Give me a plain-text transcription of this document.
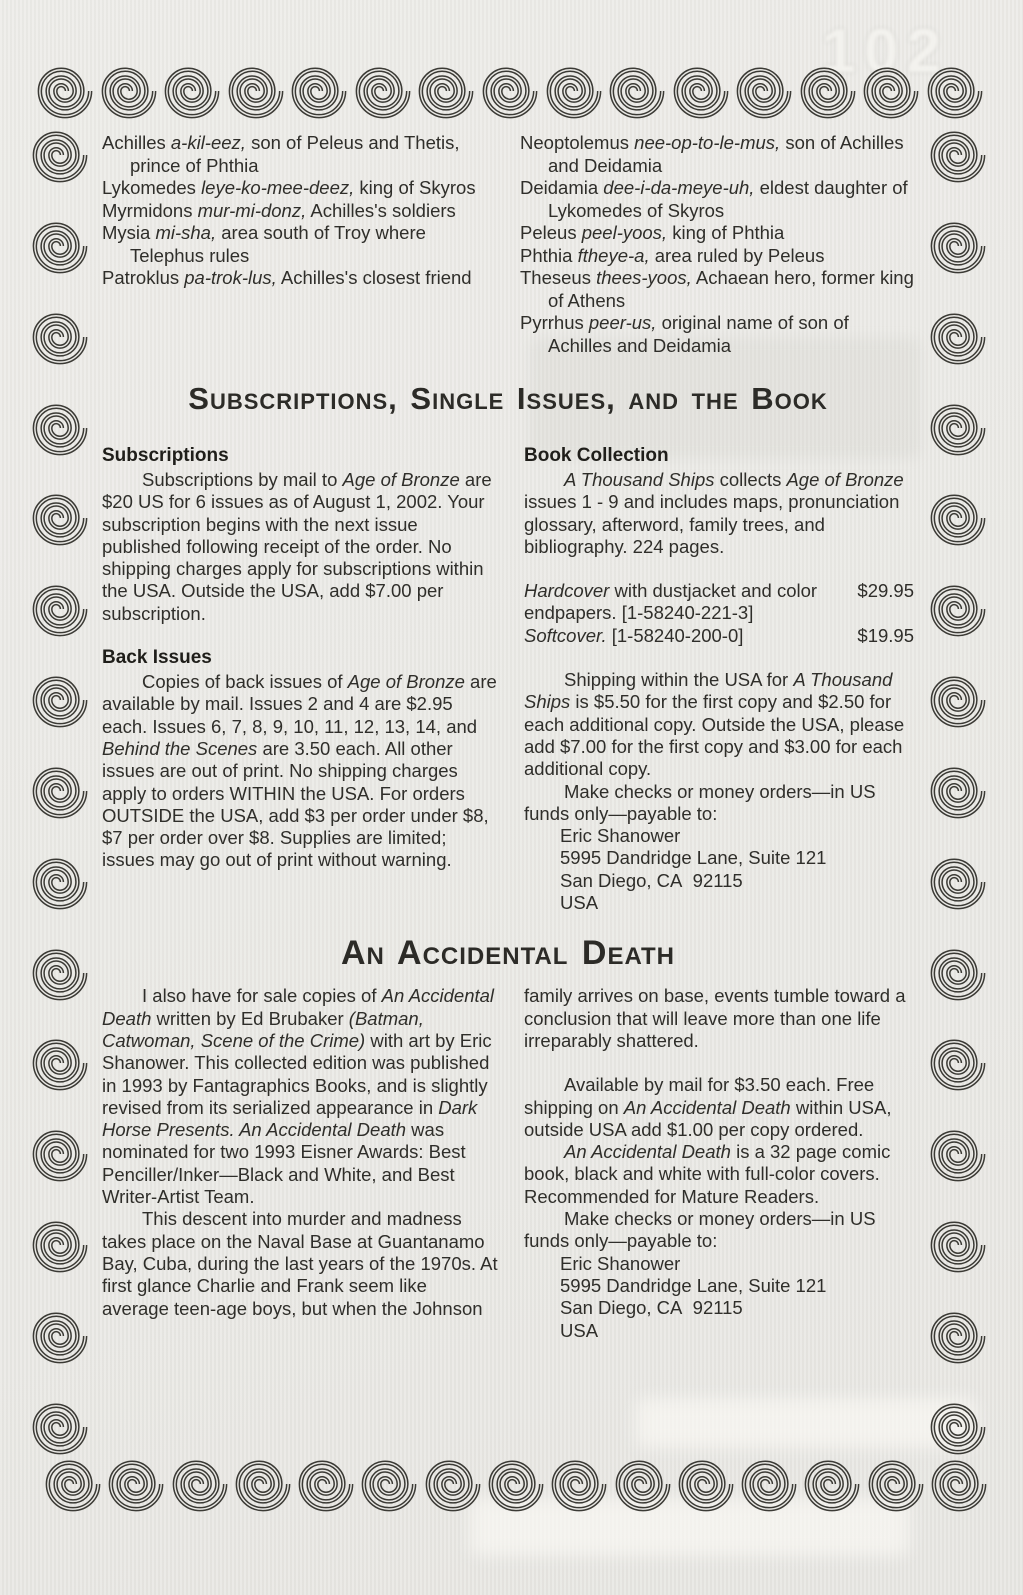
102

Achilles a-kil-eez, son of Peleus and Thetis, prince of Phthia

Lykomedes leye-ko-mee-deez, king of Skyros

Myrmidons mur-mi-donz, Achilles's soldiers

Mysia mi-sha, area south of Troy where Telephus rules

Patroklus pa-trok-lus, Achilles's closest friend

Neoptolemus nee-op-to-le-mus, son of Achilles and Deidamia

Deidamia dee-i-da-meye-uh, eldest daughter of Lykomedes of Skyros

Peleus peel-yoos, king of Phthia

Phthia ftheye-a, area ruled by Peleus

Theseus thees-yoos, Achaean hero, former king of Athens

Pyrrhus peer-us, original name of son of Achilles and Deidamia

Subscriptions, Single Issues, and the Book
Subscriptions

Subscriptions by mail to Age of Bronze are $20 US for 6 issues as of August 1, 2002. Your subscription begins with the next issue published following receipt of the order. No shipping charges apply for subscriptions within the USA. Outside the USA, add $7.00 per subscription.

Back Issues

Copies of back issues of Age of Bronze are available by mail. Issues 2 and 4 are $2.95 each. Issues 6, 7, 8, 9, 10, 11, 12, 13, 14, and Behind the Scenes are 3.50 each. All other issues are out of print. No shipping charges apply to orders WITHIN the USA. For orders OUTSIDE the USA, add $3 per order under $8, $7 per order over $8. Supplies are limited; issues may go out of print without warning.

Book Collection

A Thousand Ships collects Age of Bronze issues 1 - 9 and includes maps, pronunciation glossary, afterword, family trees, and bibliography. 224 pages.

$29.95
Hardcover with dustjacket and color endpapers. [1-58240-221-3]

$19.95
Softcover. [1-58240-200-0]

Shipping within the USA for A Thousand Ships is $5.50 for the first copy and $2.50 for each additional copy. Outside the USA, please add $7.00 for the first copy and $3.00 for each additional copy.

Make checks or money orders—in US funds only—payable to:

Eric Shanower

5995 Dandridge Lane, Suite 121

San Diego, CA  92115

USA

An Accidental Death

I also have for sale copies of An Accidental Death written by Ed Brubaker (Batman, Catwoman, Scene of the Crime) with art by Eric Shanower. This collected edition was published in 1993 by Fantagraphics Books, and is slightly revised from its serialized appearance in Dark Horse Presents. An Accidental Death was nominated for two 1993 Eisner Awards: Best Penciller/Inker—Black and White, and Best Writer-Artist Team.

This descent into murder and madness takes place on the Naval Base at Guantanamo Bay, Cuba, during the last years of the 1970s. At first glance Charlie and Frank seem like average teen-age boys, but when the Johnson

family arrives on base, events tumble toward a conclusion that will leave more than one life irreparably shattered.

Available by mail for $3.50 each. Free shipping on An Accidental Death within USA, outside USA add $1.00 per copy ordered.

An Accidental Death is a 32 page comic book, black and white with full-color covers. Recommended for Mature Readers.

Make checks or money orders—in US funds only—payable to:

Eric Shanower

5995 Dandridge Lane, Suite 121

San Diego, CA  92115

USA
